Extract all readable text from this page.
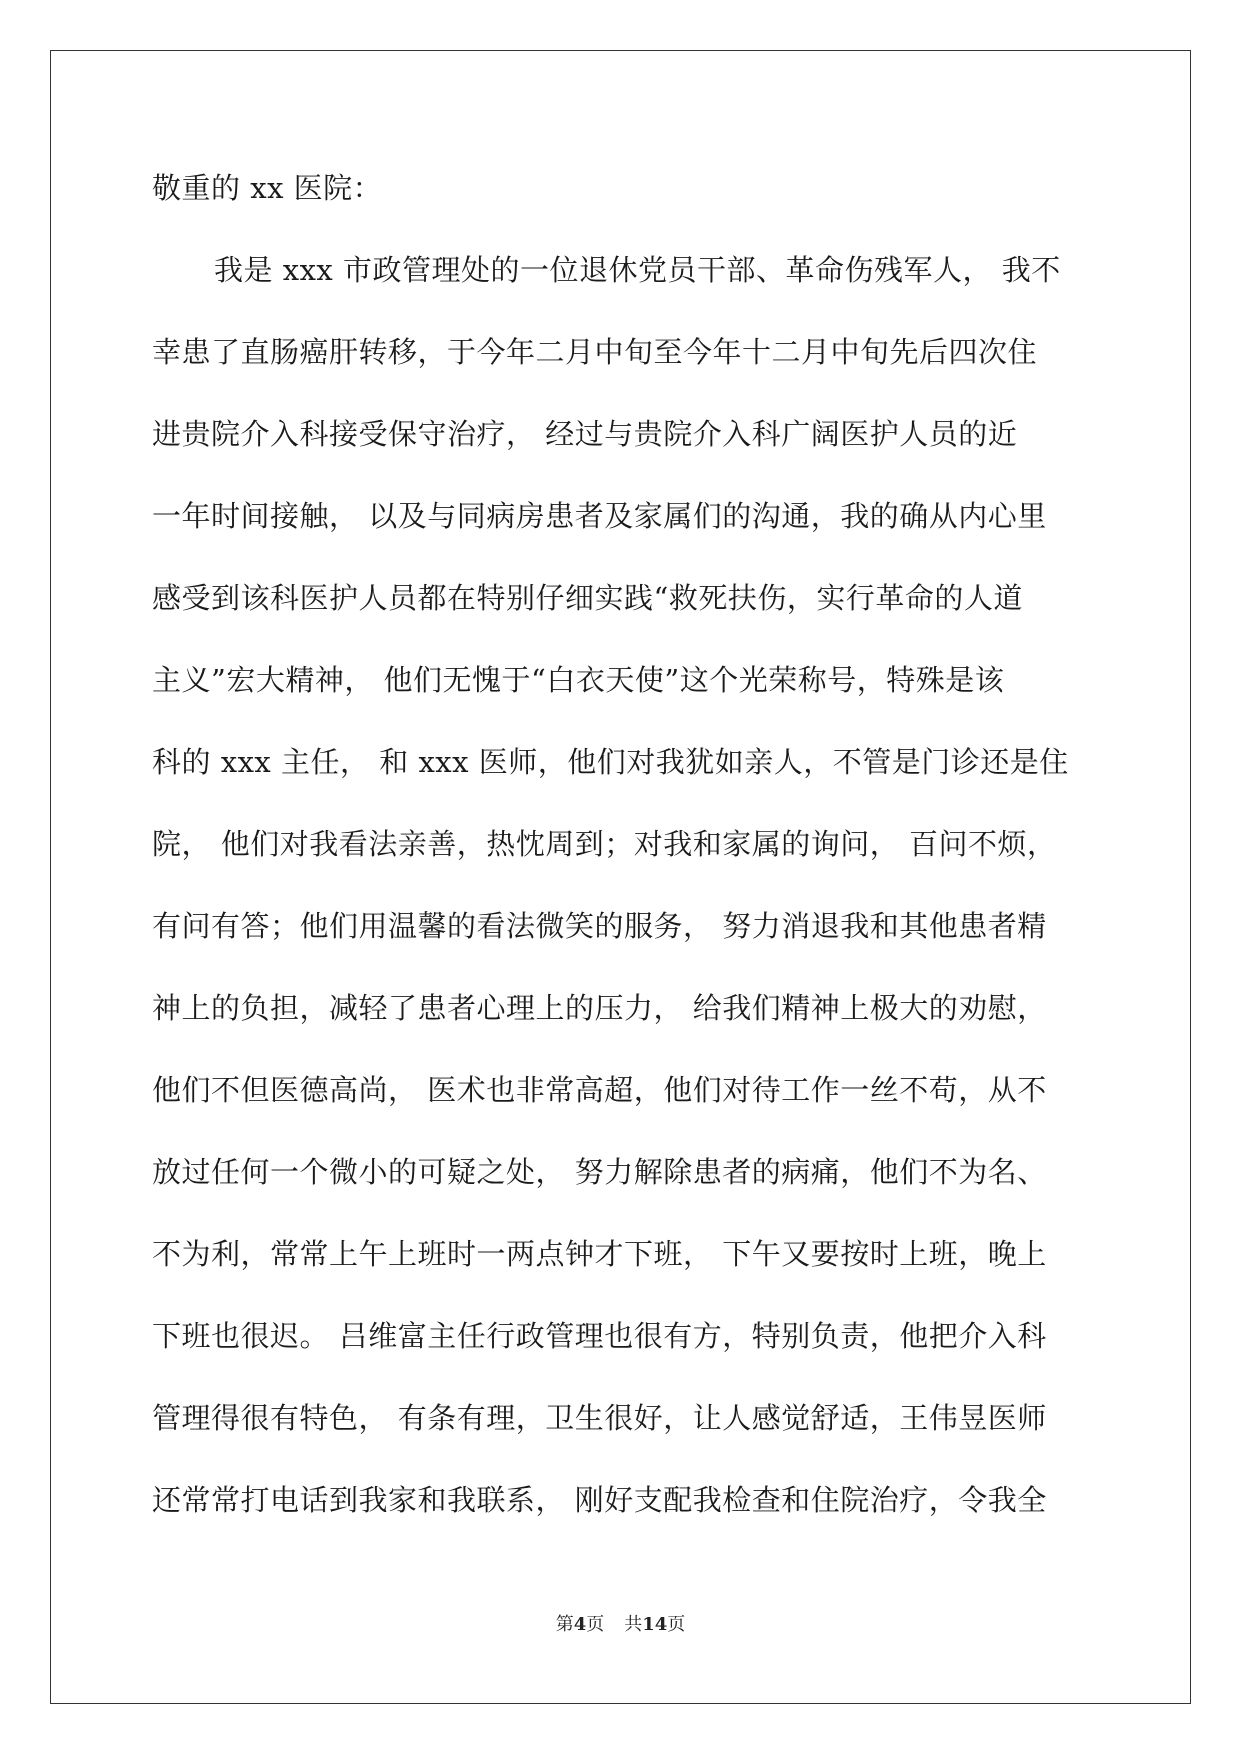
敬重的 xx 医院：
我是 xxx 市政管理处的一位退休党员干部、革命伤残军人， 我不
幸患了直肠癌肝转移，于今年二月中旬至今年十二月中旬先后四次住
进贵院介入科接受保守治疗， 经过与贵院介入科广阔医护人员的近
一年时间接触， 以及与同病房患者及家属们的沟通，我的确从内心里
感受到该科医护人员都在特别仔细实践“救死扶伤，实行革命的人道
主义”宏大精神， 他们无愧于“白衣天使”这个光荣称号，特殊是该
科的 xxx 主任， 和 xxx 医师，他们对我犹如亲人，不管是门诊还是住
院， 他们对我看法亲善，热忱周到；对我和家属的询问， 百问不烦，
有问有答；他们用温馨的看法微笑的服务， 努力消退我和其他患者精
神上的负担，减轻了患者心理上的压力， 给我们精神上极大的劝慰，
他们不但医德高尚， 医术也非常高超，他们对待工作一丝不苟，从不
放过任何一个微小的可疑之处， 努力解除患者的病痛，他们不为名、
不为利，常常上午上班时一两点钟才下班， 下午又要按时上班，晚上
下班也很迟。 吕维富主任行政管理也很有方，特别负责，他把介入科
管理得很有特色， 有条有理，卫生很好，让人感觉舒适，王伟昱医师
还常常打电话到我家和我联系， 刚好支配我检查和住院治疗，令我全
第4页 共14页
